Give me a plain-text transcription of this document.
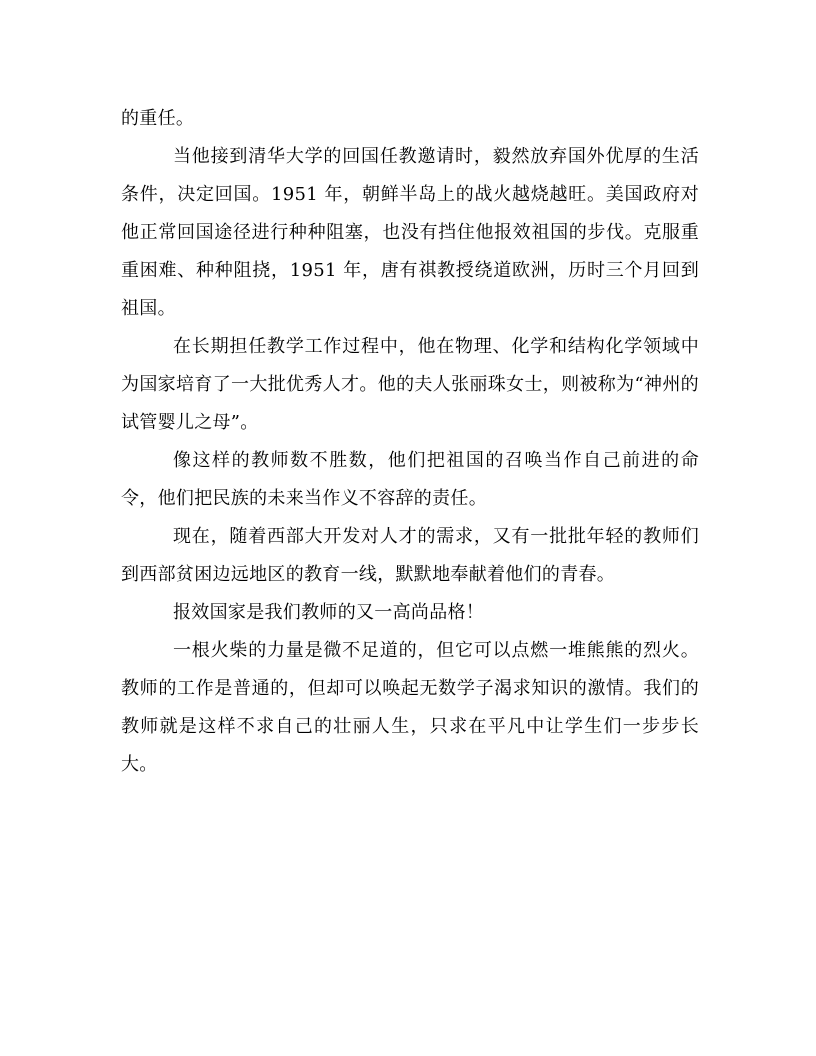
的重任。

当他接到清华大学的回国任教邀请时，毅然放弃国外优厚的生活条件，决定回国。1951 年，朝鲜半岛上的战火越烧越旺。美国政府对他正常回国途径进行种种阻塞，也没有挡住他报效祖国的步伐。克服重重困难、种种阻挠，1951 年，唐有祺教授绕道欧洲，历时三个月回到祖国。

在长期担任教学工作过程中，他在物理、化学和结构化学领域中为国家培育了一大批优秀人才。他的夫人张丽珠女士，则被称为“神州的试管婴儿之母”。

像这样的教师数不胜数，他们把祖国的召唤当作自己前进的命令，他们把民族的未来当作义不容辞的责任。

现在，随着西部大开发对人才的需求，又有一批批年轻的教师们到西部贫困边远地区的教育一线，默默地奉献着他们的青春。

报效国家是我们教师的又一高尚品格！

一根火柴的力量是微不足道的，但它可以点燃一堆熊熊的烈火。教师的工作是普通的，但却可以唤起无数学子渴求知识的激情。我们的教师就是这样不求自己的壮丽人生，只求在平凡中让学生们一步步长大。
